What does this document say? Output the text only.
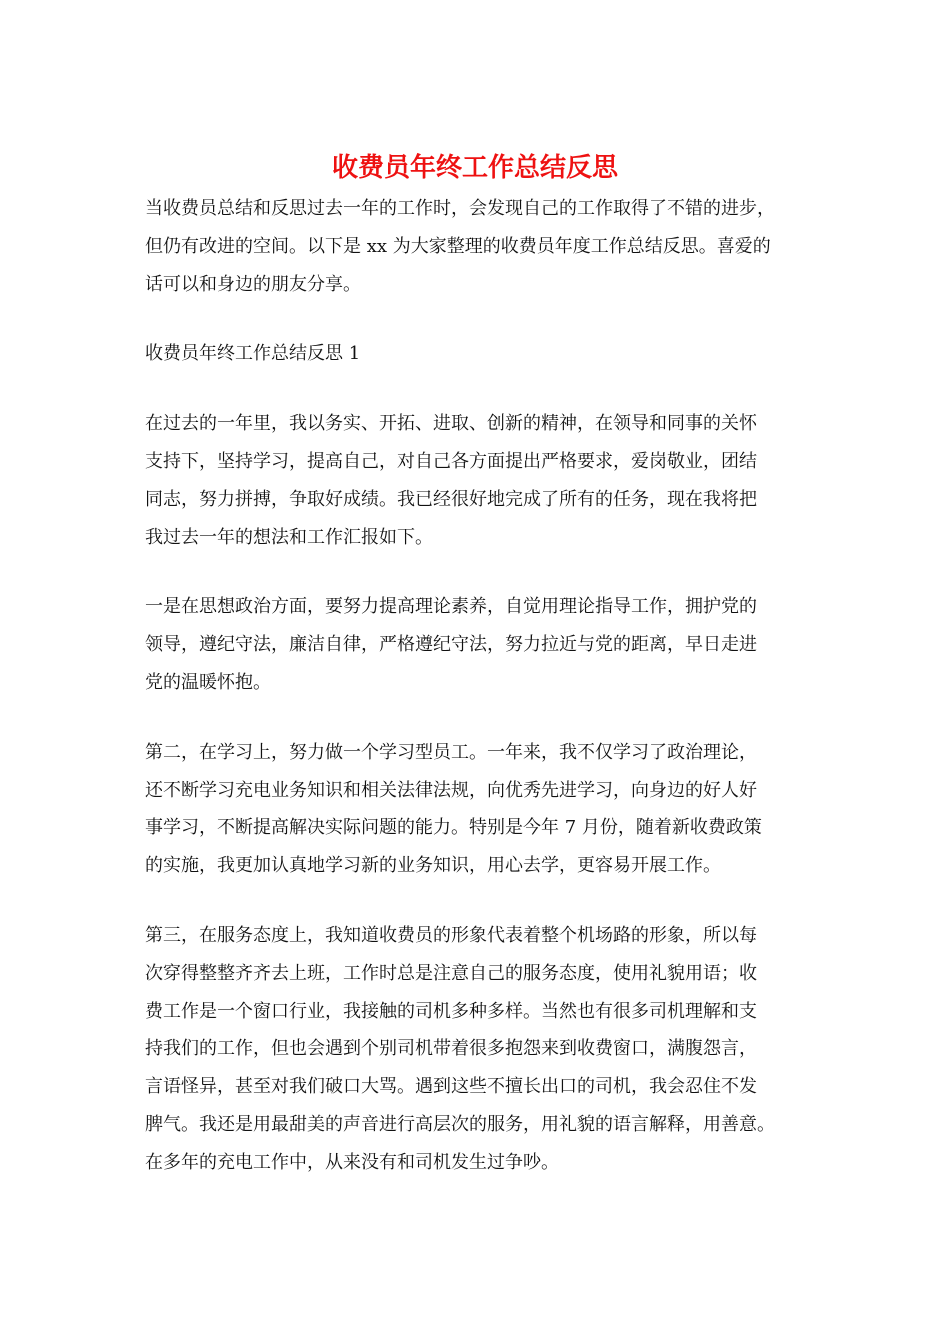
收费员年终工作总结反思
当收费员总结和反思过去一年的工作时，会发现自己的工作取得了不错的进步，
但仍有改进的空间。以下是 xx 为大家整理的收费员年度工作总结反思。喜爱的
话可以和身边的朋友分享。
收费员年终工作总结反思 1
在过去的一年里，我以务实、开拓、进取、创新的精神，在领导和同事的关怀
支持下，坚持学习，提高自己，对自己各方面提出严格要求，爱岗敬业，团结
同志，努力拼搏，争取好成绩。我已经很好地完成了所有的任务，现在我将把
我过去一年的想法和工作汇报如下。
一是在思想政治方面，要努力提高理论素养，自觉用理论指导工作，拥护党的
领导，遵纪守法，廉洁自律，严格遵纪守法，努力拉近与党的距离，早日走进
党的温暖怀抱。
第二，在学习上，努力做一个学习型员工。一年来，我不仅学习了政治理论，
还不断学习充电业务知识和相关法律法规，向优秀先进学习，向身边的好人好
事学习，不断提高解决实际问题的能力。特别是今年 7 月份，随着新收费政策
的实施，我更加认真地学习新的业务知识，用心去学，更容易开展工作。
第三，在服务态度上，我知道收费员的形象代表着整个机场路的形象，所以每
次穿得整整齐齐去上班，工作时总是注意自己的服务态度，使用礼貌用语；收
费工作是一个窗口行业，我接触的司机多种多样。当然也有很多司机理解和支
持我们的工作，但也会遇到个别司机带着很多抱怨来到收费窗口，满腹怨言，
言语怪异，甚至对我们破口大骂。遇到这些不擅长出口的司机，我会忍住不发
脾气。我还是用最甜美的声音进行高层次的服务，用礼貌的语言解释，用善意。
在多年的充电工作中，从来没有和司机发生过争吵。
